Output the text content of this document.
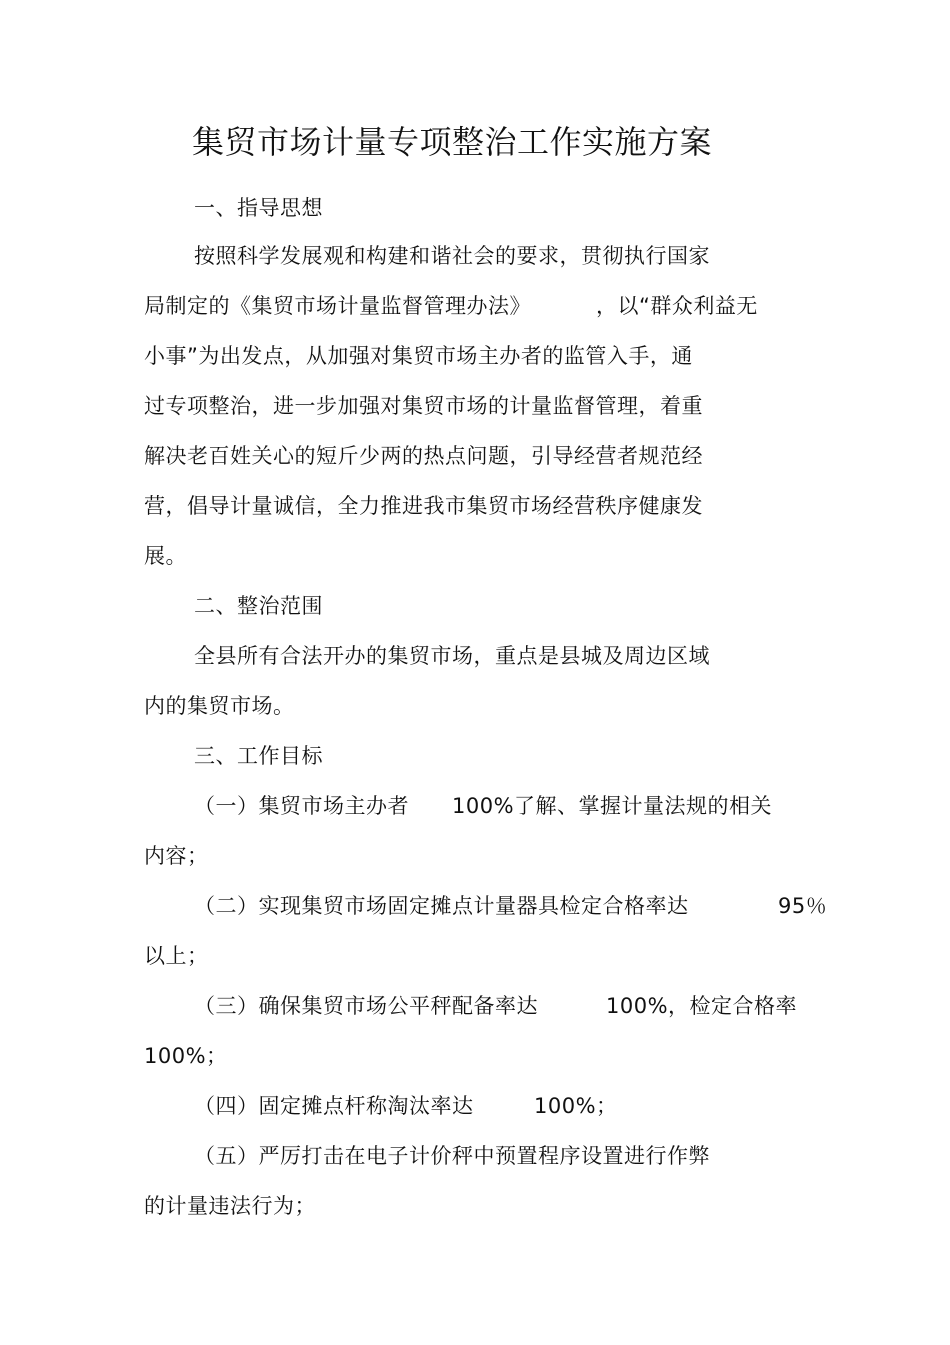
集贸市场计量专项整治工作实施方案
一、指导思想
按照科学发展观和构建和谐社会的要求，贯彻执行国家
局制定的《集贸市场计量监督管理办法》	，以“群众利益无
小事”为出发点，从加强对集贸市场主办者的监管入手，通
过专项整治，进一步加强对集贸市场的计量监督管理，着重
解决老百姓关心的短斤少两的热点问题，引导经营者规范经
营，倡导计量诚信，全力推进我市集贸市场经营秩序健康发
展。
二、整治范围
全县所有合法开办的集贸市场，重点是县城及周边区域
内的集贸市场。
三、工作目标
（一）集贸市场主办者 100%了解、掌握计量法规的相关
内容；
（二）实现集贸市场固定摊点计量器具检定合格率达	95％
以上；
（三）确保集贸市场公平秤配备率达	100%，检定合格率
100%；
（四）固定摊点杆称淘汰率达	100%；
（五）严厉打击在电子计价秤中预置程序设置进行作弊
的计量违法行为；
